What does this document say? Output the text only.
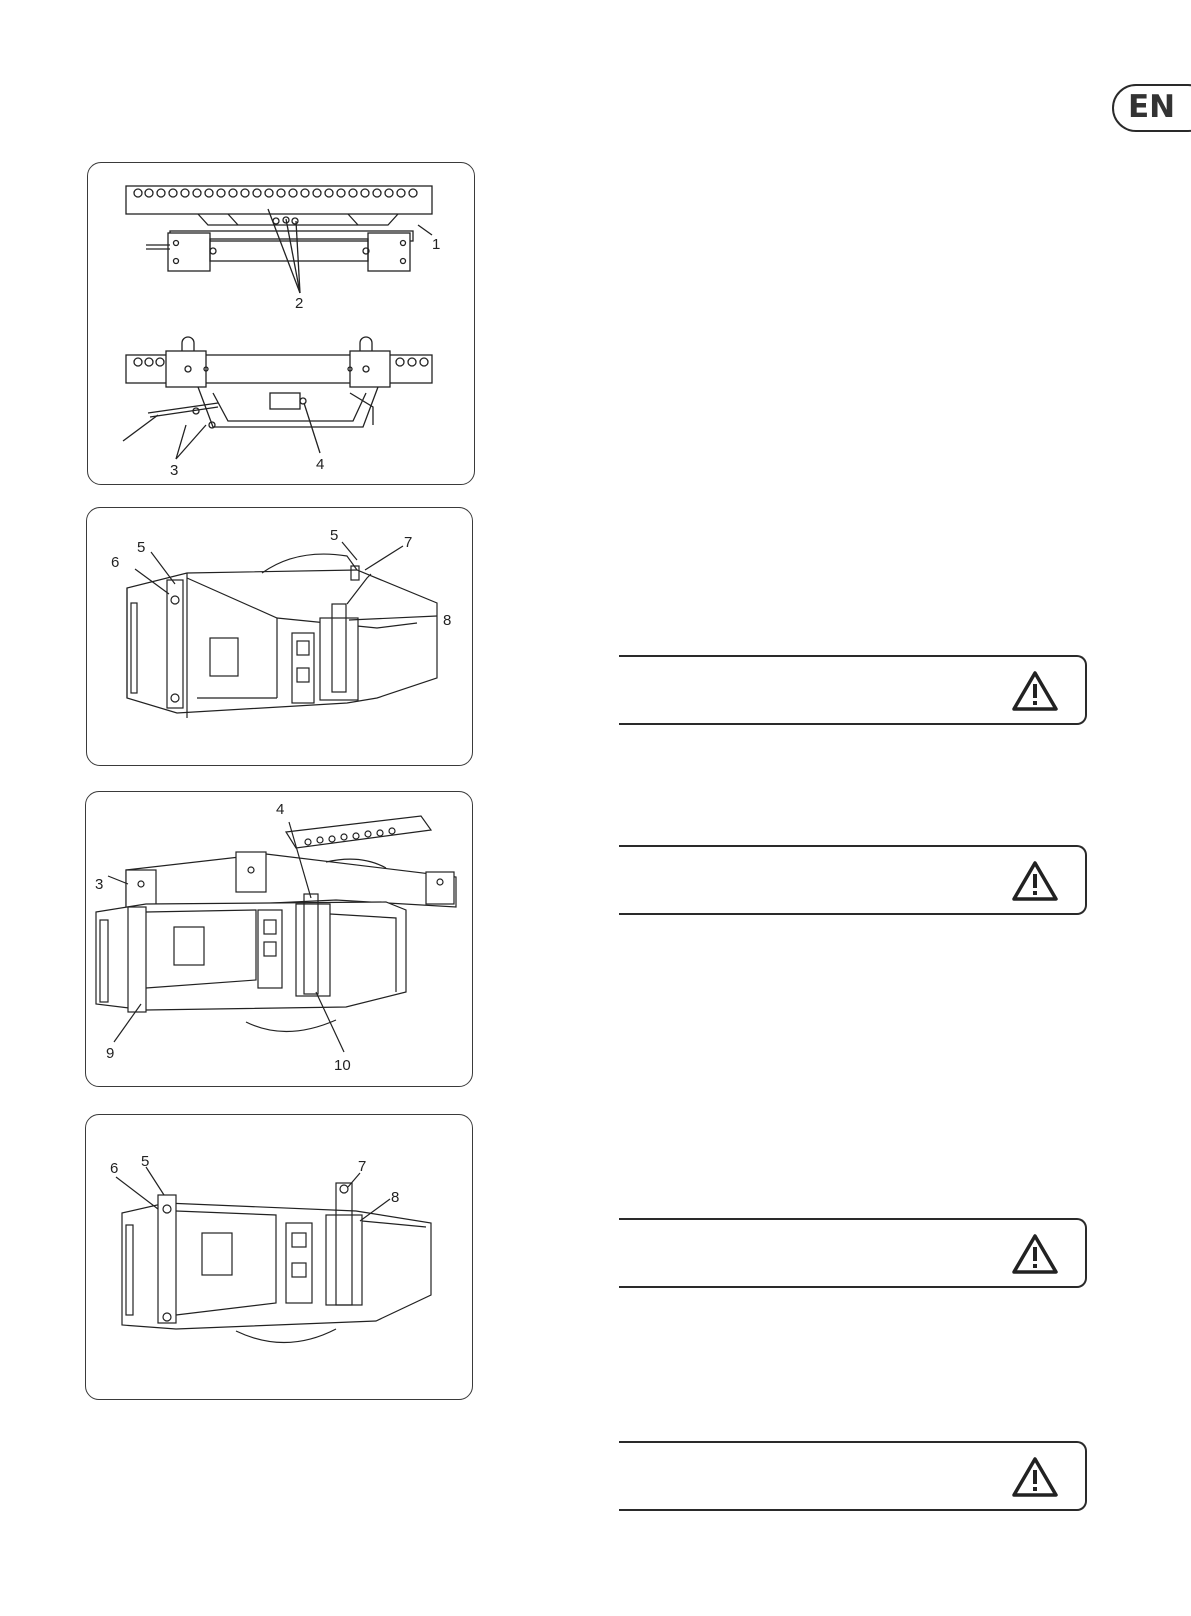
EN
1
2
3	4
5
6
5	7
8
4
3
9
10
6 5	7
8
